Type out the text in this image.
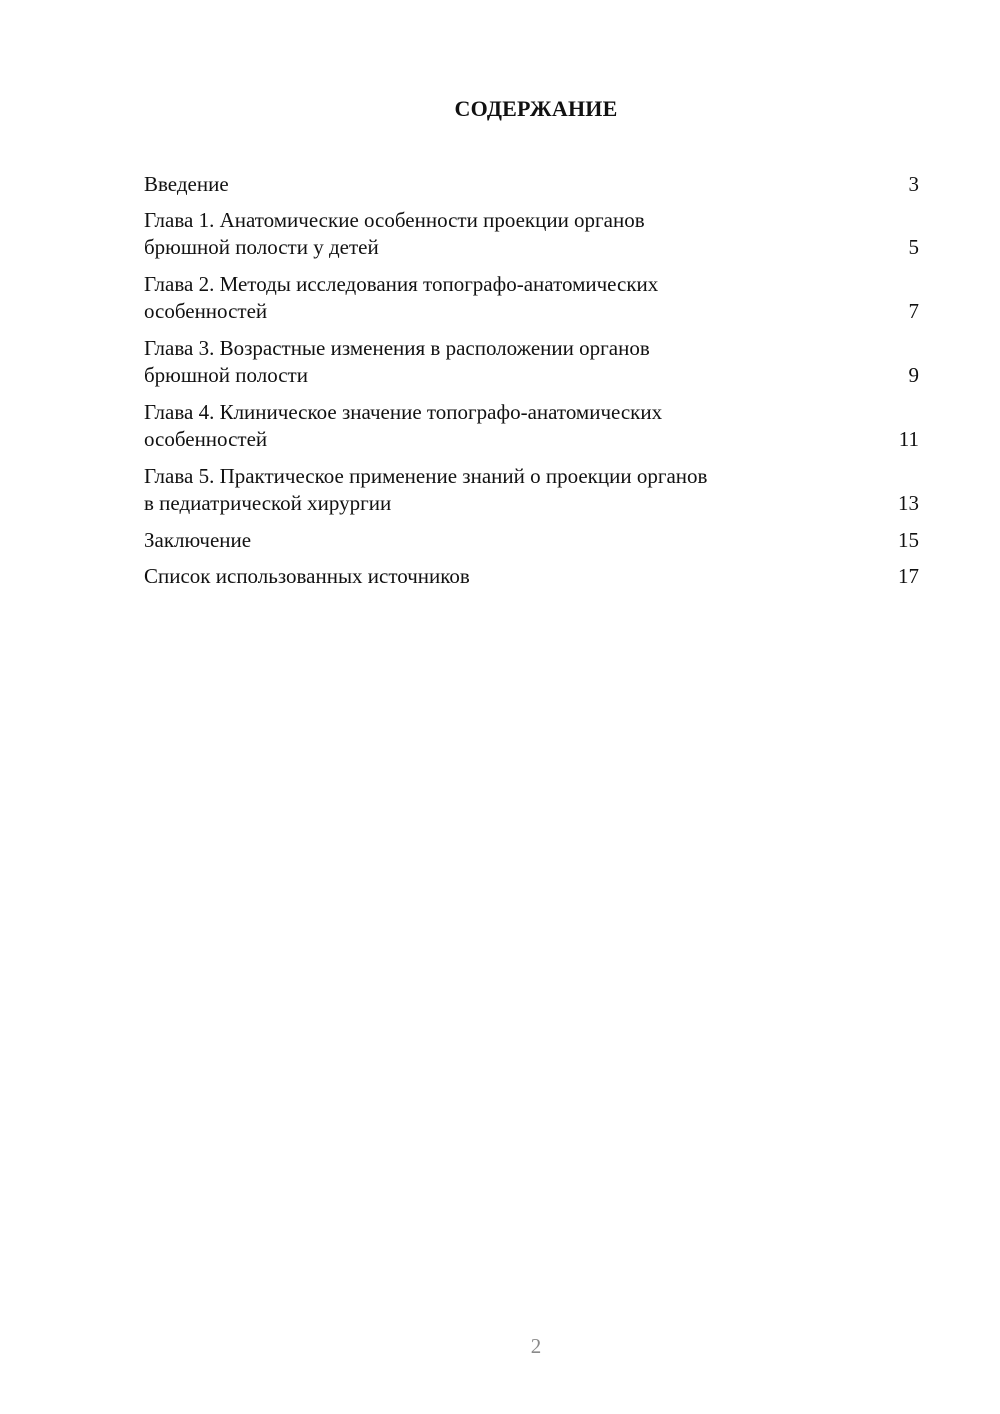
СОДЕРЖАНИЕ
Введение	3
Глава 1. Анатомические особенности проекции органов
брюшной полости у детей	5
Глава 2. Методы исследования топографо-анатомических
особенностей	7
Глава 3. Возрастные изменения в расположении органов
брюшной полости	9
Глава 4. Клиническое значение топографо-анатомических
особенностей	11
Глава 5. Практическое применение знаний о проекции органов
в педиатрической хирургии	13
Заключение	15
Список использованных источников	17
2
